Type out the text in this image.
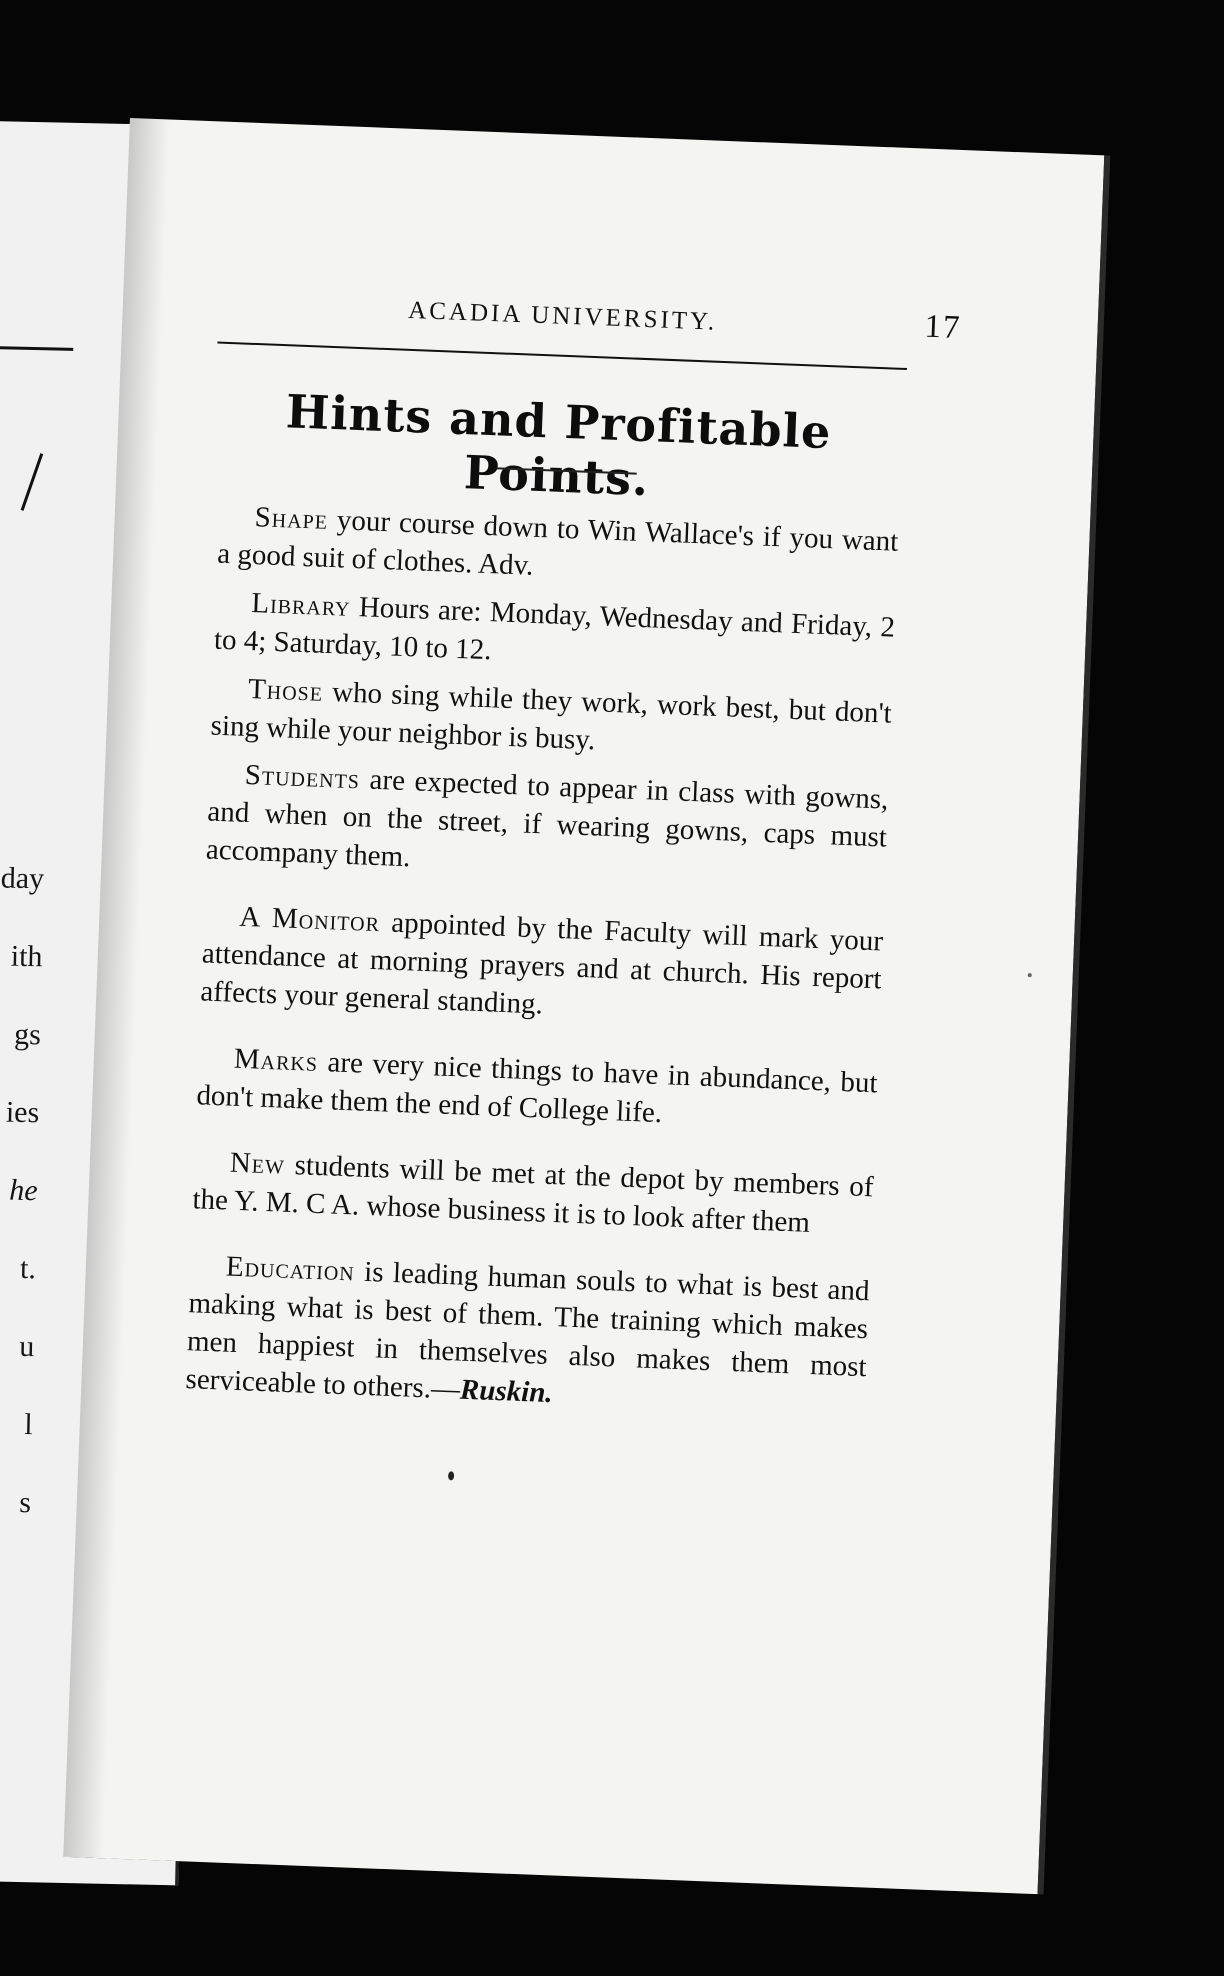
day
ith
gs
ies
he
t.
u
l
s
ACADIA UNIVERSITY.	17
Hints and Profitable Points.

Shape your course down to Win Wallace's if you want a good suit of clothes. Adv.

Library Hours are: Monday, Wednesday and Friday, 2 to 4; Saturday, 10 to 12.

Those who sing while they work, work best, but don't sing while your neighbor is busy.

Students are expected to appear in class with gowns, and when on the street, if wearing gowns, caps must accompany them.

A Monitor appointed by the Faculty will mark your attendance at morning prayers and at church. His report affects your general standing.

Marks are very nice things to have in abundance, but don't make them the end of College life.

New students will be met at the depot by members of the Y. M. C A. whose business it is to look after them

Education is leading human souls to what is best and making what is best of them. The training which makes men happiest in themselves also makes them most serviceable to others.—Ruskin.
